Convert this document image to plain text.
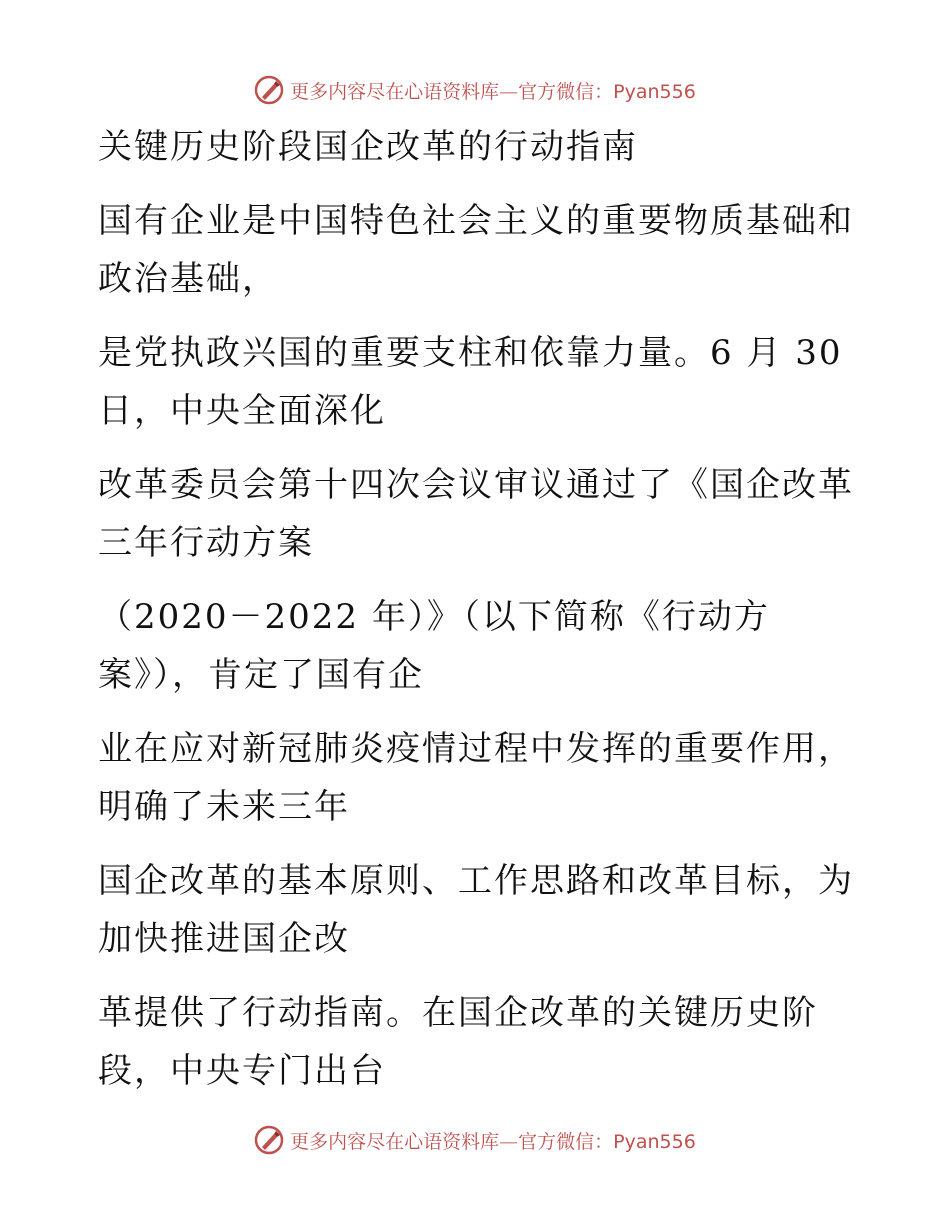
更多内容尽在心语资料库—官方微信：Pyan556
关键历史阶段国企改革的行动指南
国有企业是中国特色社会主义的重要物质基础和
政治基础，
是党执政兴国的重要支柱和依靠力量。6 月 30
日，中央全面深化
改革委员会第十四次会议审议通过了《国企改革
三年行动方案
（2020－2022 年）》（以下简称《行动方
案》），肯定了国有企
业在应对新冠肺炎疫情过程中发挥的重要作用，
明确了未来三年
国企改革的基本原则、工作思路和改革目标，为
加快推进国企改
革提供了行动指南。在国企改革的关键历史阶
段，中央专门出台
更多内容尽在心语资料库—官方微信：Pyan556
